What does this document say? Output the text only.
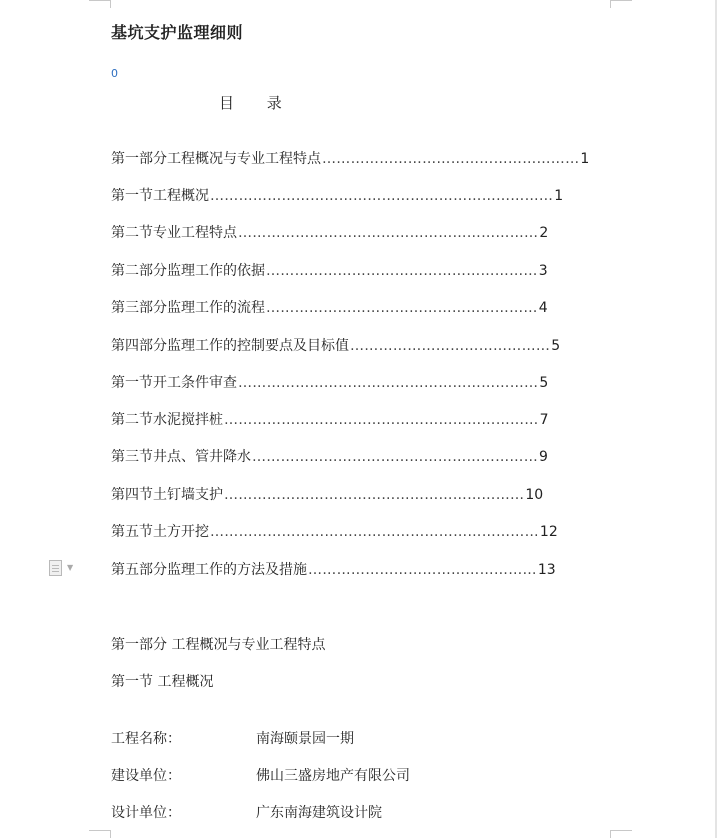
基坑支护监理细则
0
目 录
第一部分 工程概况与专业工程特点 ……………………………………………… 1
第一节 工程概况 ……………………………………………………………… 1
第二节 专业工程特点 ……………………………………………………… 2
第二部分 监理工作的依据 ………………………………………………… 3
第三部分 监理工作的流程 ………………………………………………… 4
第四部分 监理工作的控制要点及目标值 …………………………………… 5
第一节 开工条件审查 ……………………………………………………… 5
第二节 水泥搅拌桩 ………………………………………………………… 7
第三节 井点、管井降水 …………………………………………………… 9
第四节 土钉墙支护 ……………………………………………………… 10
第五节 土方开挖 …………………………………………………………… 12
第五部分 监理工作的方法及措施 ………………………………………… 13
▼
第一部分 工程概况与专业工程特点
第一节 工程概况
工程名称：	南海颐景园一期
建设单位：	佛山三盛房地产有限公司
设计单位：	广东南海建筑设计院
